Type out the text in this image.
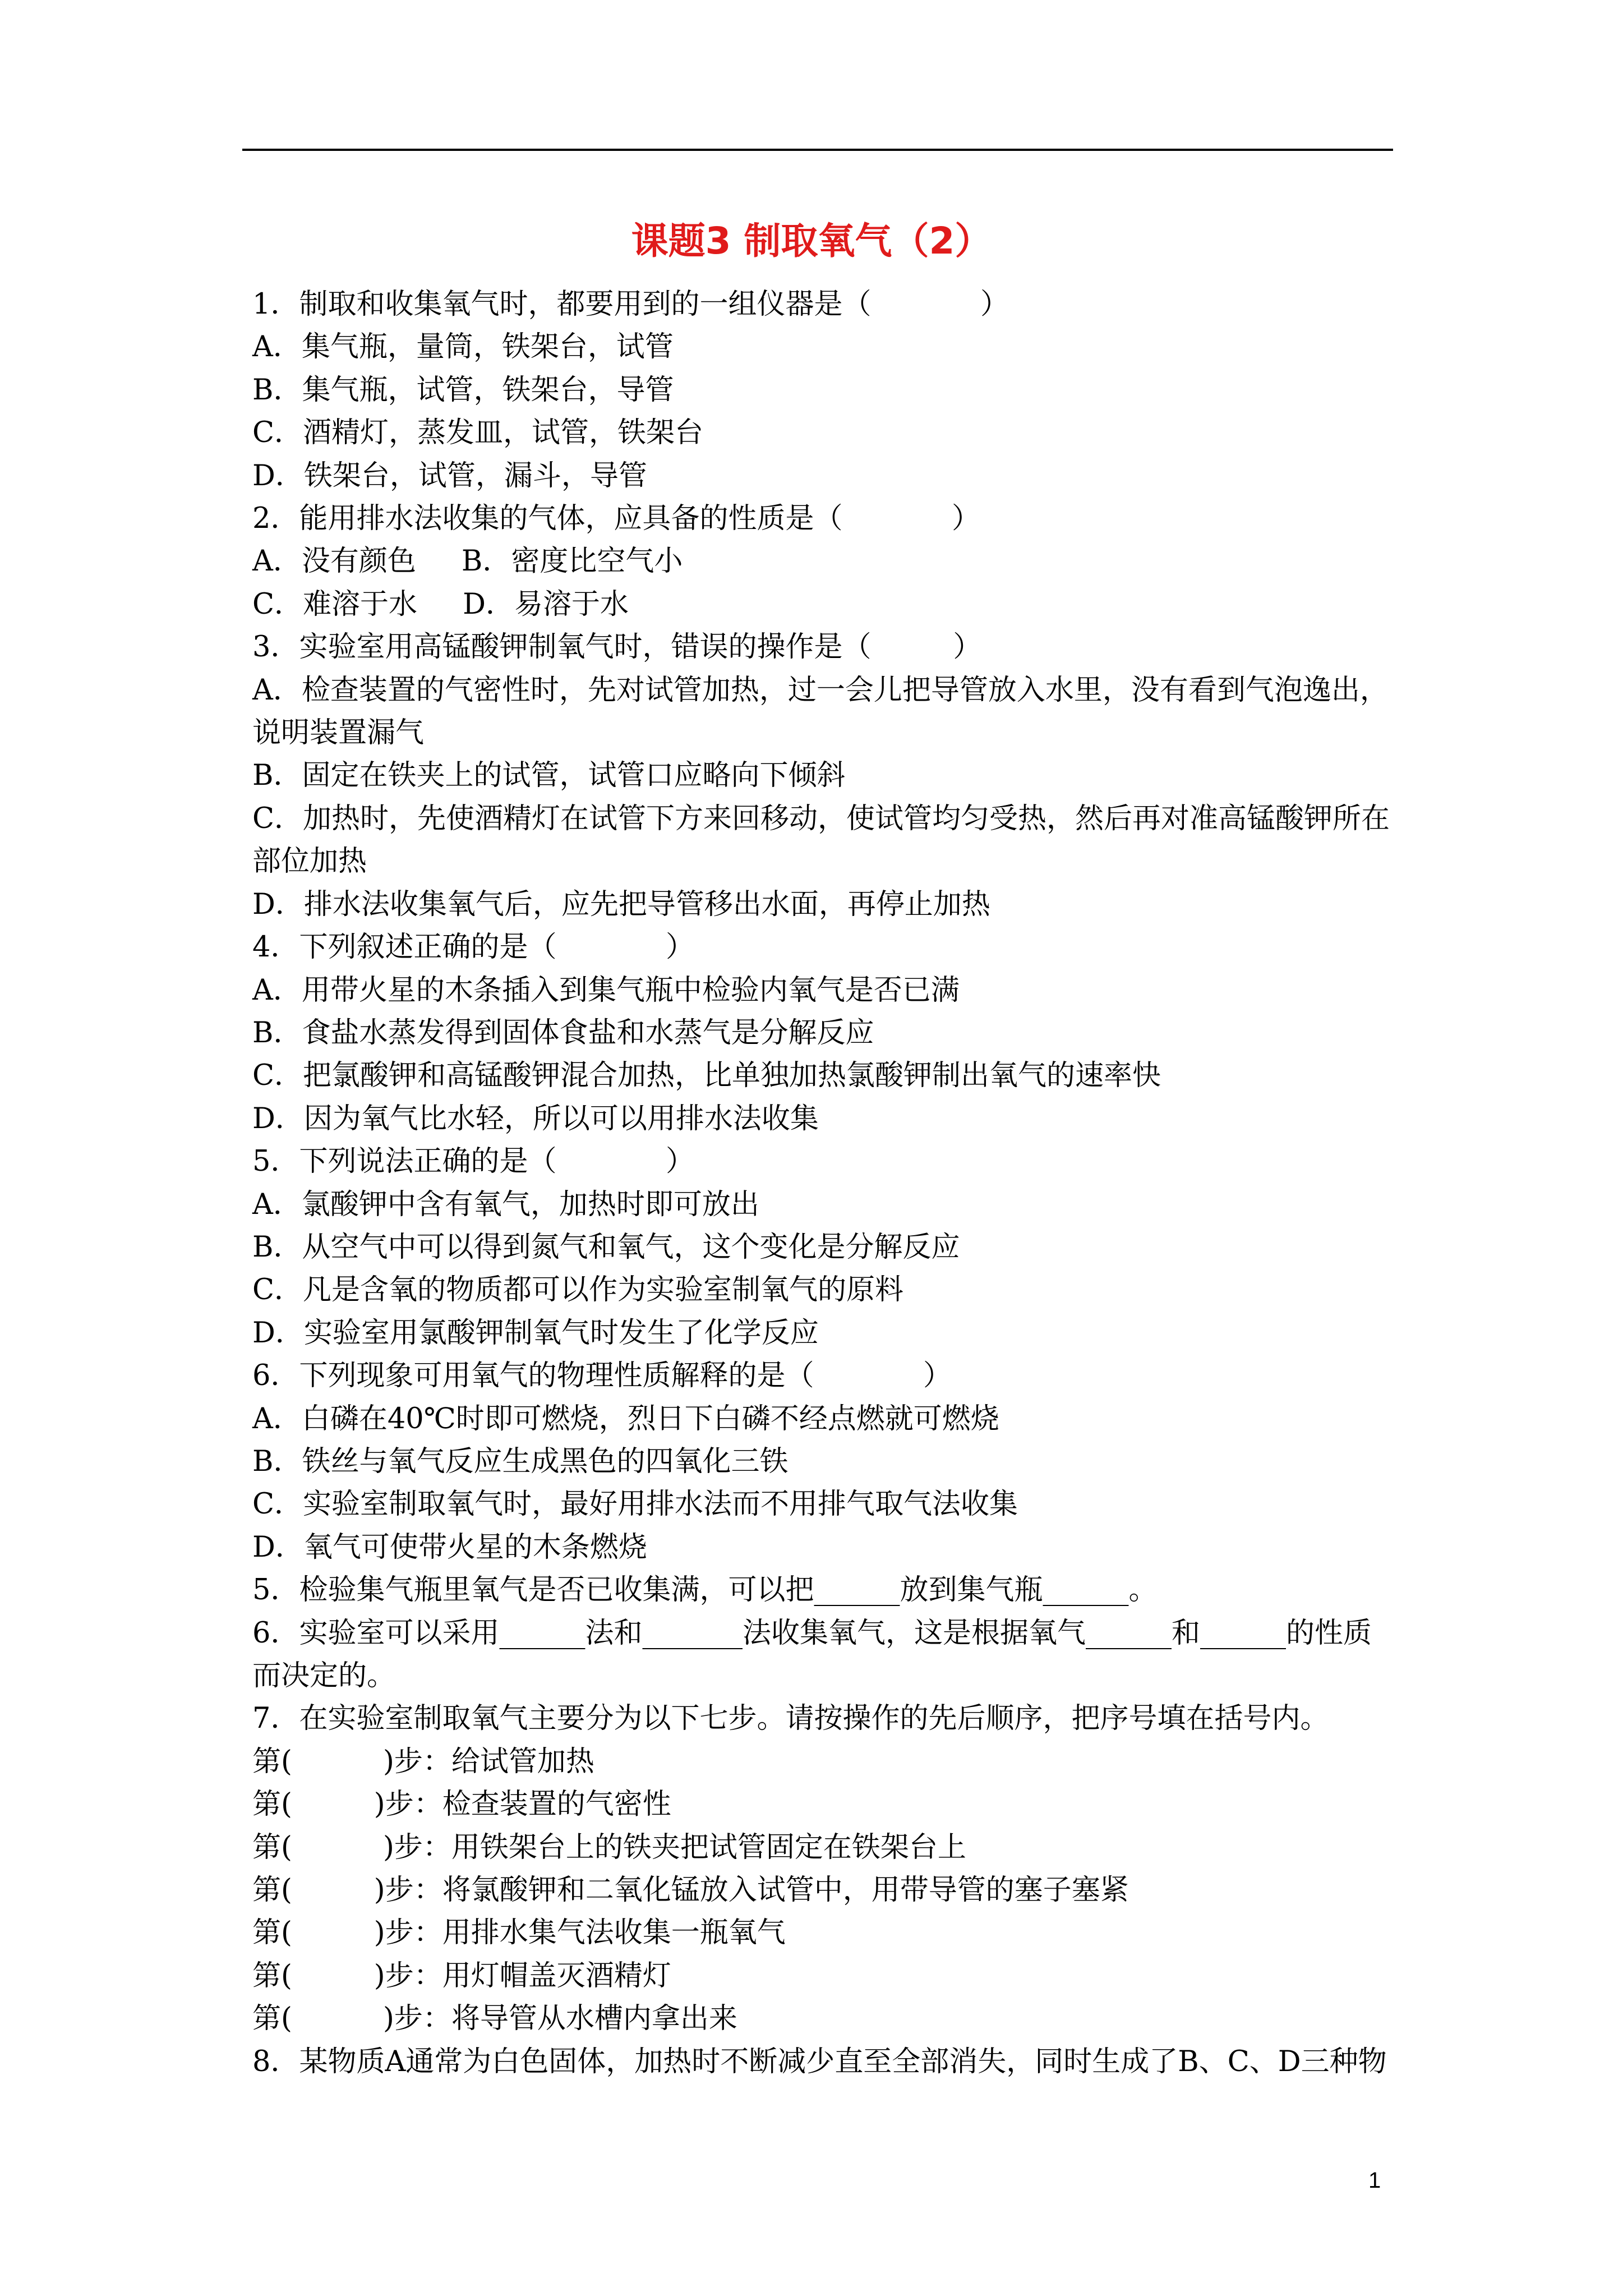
课题3 制取氧气（2）
1．制取和收集氧气时，都要用到的一组仪器是（            ）
A．集气瓶，量筒，铁架台，试管
B．集气瓶，试管，铁架台，导管
C．酒精灯，蒸发皿，试管，铁架台
D．铁架台，试管，漏斗，导管
2．能用排水法收集的气体，应具备的性质是（            ）
A．没有颜色     B．密度比空气小
C．难溶于水     D．易溶于水
3．实验室用高锰酸钾制氧气时，错误的操作是（         ）
A．检查装置的气密性时，先对试管加热，过一会儿把导管放入水里，没有看到气泡逸出，说明装置漏气
B．固定在铁夹上的试管，试管口应略向下倾斜
C．加热时，先使酒精灯在试管下方来回移动，使试管均匀受热，然后再对准高锰酸钾所在部位加热
D．排水法收集氧气后，应先把导管移出水面，再停止加热
4．下列叙述正确的是（            ）
A．用带火星的木条插入到集气瓶中检验内氧气是否已满
B．食盐水蒸发得到固体食盐和水蒸气是分解反应
C．把氯酸钾和高锰酸钾混合加热，比单独加热氯酸钾制出氧气的速率快
D．因为氧气比水轻，所以可以用排水法收集
5．下列说法正确的是（            ）
A．氯酸钾中含有氧气，加热时即可放出
B．从空气中可以得到氮气和氧气，这个变化是分解反应
C．凡是含氧的物质都可以作为实验室制氧气的原料
D．实验室用氯酸钾制氧气时发生了化学反应
6．下列现象可用氧气的物理性质解释的是（            ）
A．白磷在40℃时即可燃烧，烈日下白磷不经点燃就可燃烧
B．铁丝与氧气反应生成黑色的四氧化三铁
C．实验室制取氧气时，最好用排水法而不用排气取气法收集
D．氧气可使带火星的木条燃烧
5．检验集气瓶里氧气是否已收集满，可以把______放到集气瓶______。
6．实验室可以采用______法和_______法收集氧气，这是根据氧气______和______的性质而决定的。
7．在实验室制取氧气主要分为以下七步。请按操作的先后顺序，把序号填在括号内。
第(          )步：给试管加热
第(         )步：检查装置的气密性
第(          )步：用铁架台上的铁夹把试管固定在铁架台上
第(         )步：将氯酸钾和二氧化锰放入试管中，用带导管的塞子塞紧
第(         )步：用排水集气法收集一瓶氧气
第(         )步：用灯帽盖灭酒精灯
第(          )步：将导管从水槽内拿出来
8．某物质A通常为白色固体，加热时不断减少直至全部消失，同时生成了B、C、D三种物
1
